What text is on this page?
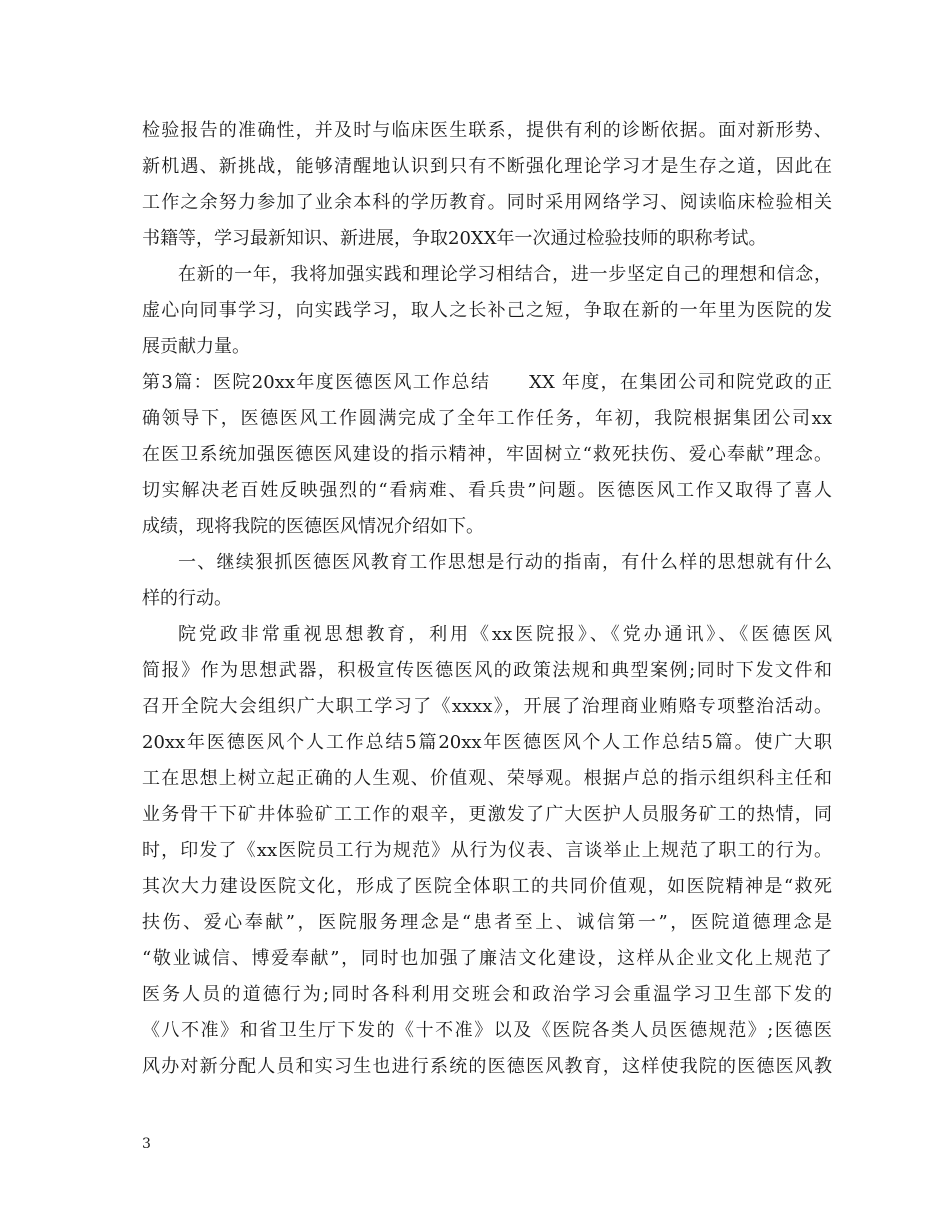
检验报告的准确性，并及时与临床医生联系，提供有利的诊断依据。面对新形势、
新机遇、新挑战，能够清醒地认识到只有不断强化理论学习才是生存之道，因此在
工作之余努力参加了业余本科的学历教育。同时采用网络学习、阅读临床检验相关
书籍等，学习最新知识、新进展，争取20XX年一次通过检验技师的职称考试。
在新的一年，我将加强实践和理论学习相结合，进一步坚定自己的理想和信念，
虚心向同事学习，向实践学习，取人之长补己之短，争取在新的一年里为医院的发
展贡献力量。
第3篇：医院20xx年度医德医风工作总结　　XX 年度，在集团公司和院党政的正
确领导下，医德医风工作圆满完成了全年工作任务，年初，我院根据集团公司xx
在医卫系统加强医德医风建设的指示精神，牢固树立“救死扶伤、爱心奉献”理念。
切实解决老百姓反映强烈的“看病难、看兵贵”问题。医德医风工作又取得了喜人
成绩，现将我院的医德医风情况介绍如下。
一、继续狠抓医德医风教育工作思想是行动的指南，有什么样的思想就有什么
样的行动。
院党政非常重视思想教育，利用《xx医院报》、《党办通讯》、《医德医风
简报》作为思想武器，积极宣传医德医风的政策法规和典型案例;同时下发文件和
召开全院大会组织广大职工学习了《xxxx》，开展了治理商业贿赂专项整治活动。
20xx年医德医风个人工作总结5篇20xx年医德医风个人工作总结5篇。使广大职
工在思想上树立起正确的人生观、价值观、荣辱观。根据卢总的指示组织科主任和
业务骨干下矿井体验矿工工作的艰辛，更激发了广大医护人员服务矿工的热情，同
时，印发了《xx医院员工行为规范》从行为仪表、言谈举止上规范了职工的行为。
其次大力建设医院文化，形成了医院全体职工的共同价值观，如医院精神是“救死
扶伤、爱心奉献”，医院服务理念是“患者至上、诚信第一”，医院道德理念是
“敬业诚信、博爱奉献”，同时也加强了廉洁文化建设，这样从企业文化上规范了
医务人员的道德行为;同时各科利用交班会和政治学习会重温学习卫生部下发的
《八不准》和省卫生厅下发的《十不准》以及《医院各类人员医德规范》;医德医
风办对新分配人员和实习生也进行系统的医德医风教育，这样使我院的医德医风教
3
